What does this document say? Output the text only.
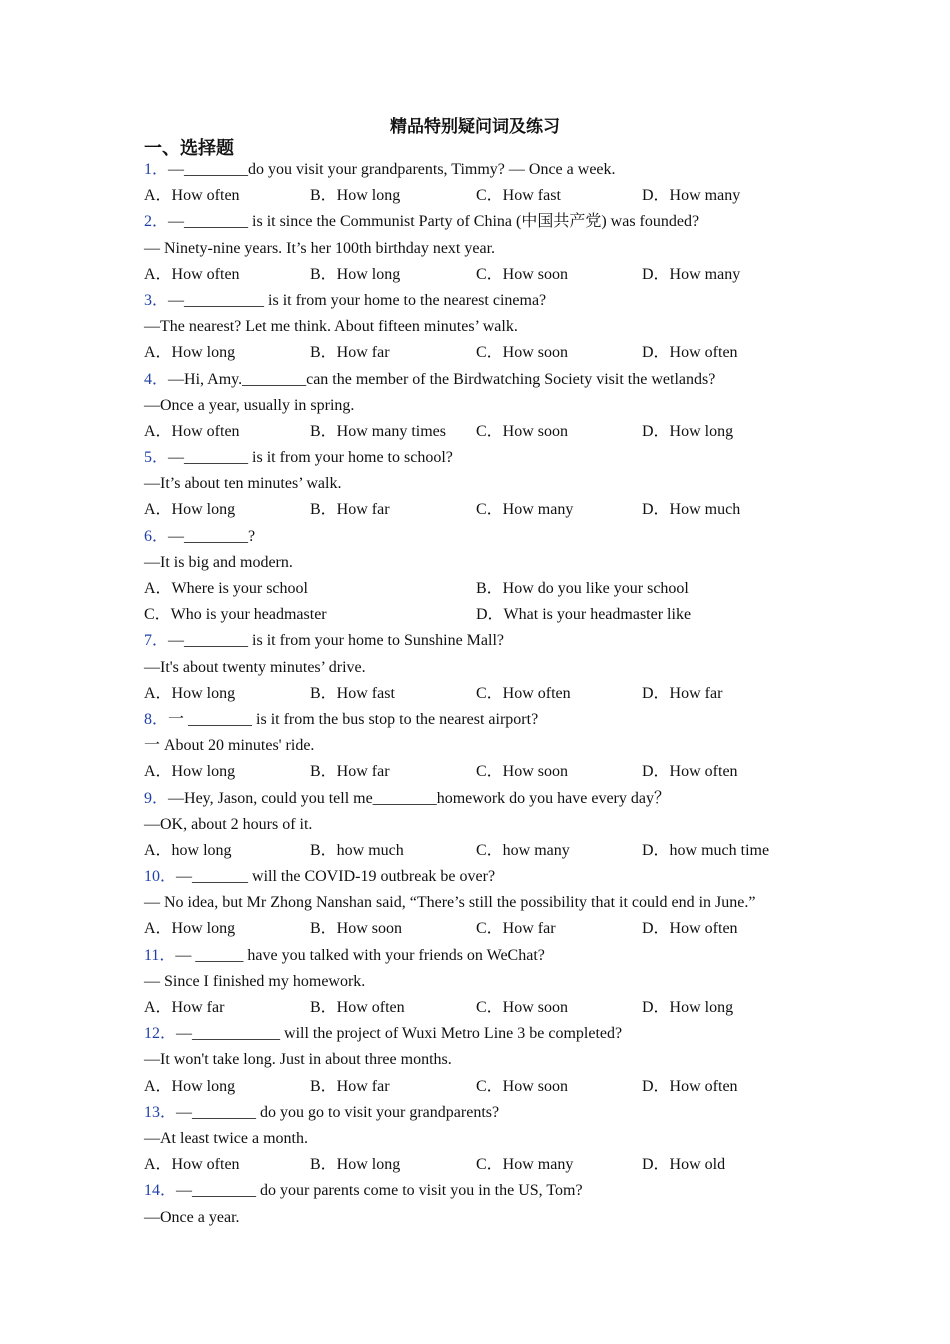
精品特别疑问词及练习
一、选择题
1．—________do you visit your grandparents, Timmy? — Once a week.
A．How often	B．How long	C．How fast	D．How many
2．—________ is it since the Communist Party of China (中国共产党) was founded?
— Ninety-nine years. It’s her 100th birthday next year.
A．How often	B．How long	C．How soon	D．How many
3．—__________ is it from your home to the nearest cinema?
—The nearest? Let me think. About fifteen minutes’ walk.
A．How long	B．How far	C．How soon	D．How often
4．—Hi, Amy.________can the member of the Birdwatching Society visit the wetlands?
—Once a year, usually in spring.
A．How often	B．How many times	C．How soon	D．How long
5．—________ is it from your home to school?
—It’s about ten minutes’ walk.
A．How long	B．How far	C．How many	D．How much
6．—________?
—It is big and modern.
A．Where is your school	B．How do you like your school
C．Who is your headmaster	D．What is your headmaster like
7．—________ is it from your home to Sunshine Mall?
—It's about twenty minutes’ drive.
A．How long	B．How fast	C．How often	D．How far
8．一 ________ is it from the bus stop to the nearest airport?
一 About 20 minutes' ride.
A．How long	B．How far	C．How soon	D．How often
9．—Hey, Jason, could you tell me________homework do you have every day？
—OK, about 2 hours of it.
A．how long	B．how much	C．how many	D．how much time
10．—_______ will the COVID-19 outbreak be over?
— No idea, but Mr Zhong Nanshan said, “There’s still the possibility that it could end in June.”
A．How long	B．How soon	C．How far	D．How often
11．— ______ have you talked with your friends on WeChat?
— Since I finished my homework.
A．How far	B．How often	C．How soon	D．How long
12．—___________ will the project of Wuxi Metro Line 3 be completed?
—It won't take long. Just in about three months.
A．How long	B．How far	C．How soon	D．How often
13．—________ do you go to visit your grandparents?
—At least twice a month.
A．How often	B．How long	C．How many	D．How old
14．—________ do your parents come to visit you in the US, Tom?
—Once a year.
